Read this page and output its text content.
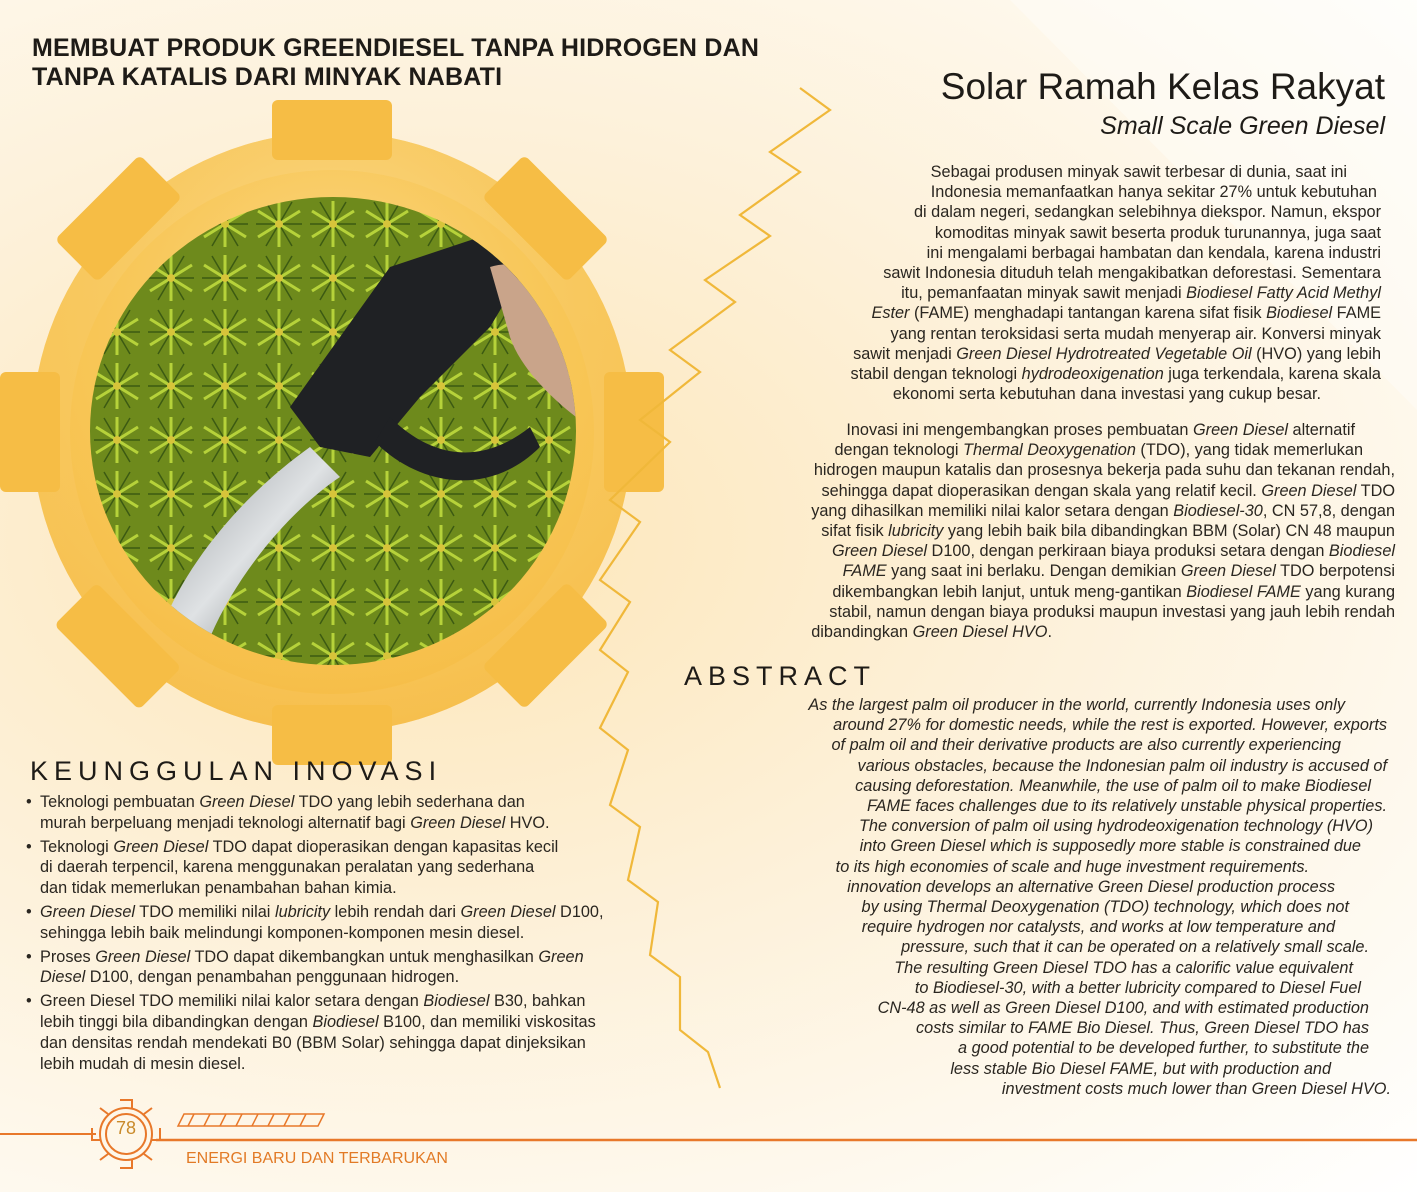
MEMBUAT PRODUK GREENDIESEL TANPA HIDROGEN DAN
TANPA KATALIS DARI MINYAK NABATI	Solar Ramah Kelas Rakyat
Small Scale Green Diesel

Sebagai produsen minyak sawit terbesar di dunia, saat ini

Indonesia memanfaatkan hanya sekitar 27% untuk kebutuhan

di dalam negeri, sedangkan selebihnya diekspor. Namun, ekspor

komoditas minyak sawit beserta produk turunannya, juga saat

ini mengalami berbagai hambatan dan kendala, karena industri

sawit Indonesia dituduh telah mengakibatkan deforestasi. Sementara

itu, pemanfaatan minyak sawit menjadi Biodiesel Fatty Acid Methyl

Ester (FAME) menghadapi tantangan karena sifat fisik Biodiesel FAME

yang rentan teroksidasi serta mudah menyerap air. Konversi minyak

sawit menjadi Green Diesel Hydrotreated Vegetable Oil (HVO) yang lebih

stabil dengan teknologi hydrodeoxigenation juga terkendala, karena skala

ekonomi serta kebutuhan dana investasi yang cukup besar.

Inovasi ini mengembangkan proses pembuatan Green Diesel alternatif

dengan teknologi Thermal Deoxygenation (TDO), yang tidak memerlukan

hidrogen maupun katalis dan prosesnya bekerja pada suhu dan tekanan rendah,

sehingga dapat dioperasikan dengan skala yang relatif kecil. Green Diesel TDO

yang dihasilkan memiliki nilai kalor setara dengan Biodiesel-30, CN 57,8, dengan

sifat fisik lubricity yang lebih baik bila dibandingkan BBM (Solar) CN 48 maupun

Green Diesel D100, dengan perkiraan biaya produksi setara dengan Biodiesel

FAME yang saat ini berlaku. Dengan demikian Green Diesel TDO berpotensi

dikembangkan lebih lanjut, untuk meng-gantikan Biodiesel FAME yang kurang

stabil, namun dengan biaya produksi maupun investasi yang jauh lebih rendah

dibandingkan Green Diesel HVO.

ABSTRACT

As the largest palm oil producer in the world, currently Indonesia uses only

around 27% for domestic needs, while the rest is exported. However, exports

of palm oil and their derivative products are also currently experiencing

various obstacles, because the Indonesian palm oil industry is accused of

causing deforestation. Meanwhile, the use of palm oil to make Biodiesel

FAME faces challenges due to its relatively unstable physical properties.

The conversion of palm oil using hydrodeoxigenation technology (HVO)

into Green Diesel which is supposedly more stable is constrained due

to its high economies of scale and huge investment requirements.

innovation develops an alternative Green Diesel production process

by using Thermal Deoxygenation (TDO) technology, which does not

require hydrogen nor catalysts, and works at low temperature and

pressure, such that it can be operated on a relatively small scale.

The resulting Green Diesel TDO has a calorific value equivalent

to Biodiesel-30, with a better lubricity compared to Diesel Fuel

CN-48 as well as Green Diesel D100, and with estimated production

costs similar to FAME Bio Diesel. Thus, Green Diesel TDO has

a good potential to be developed further, to substitute the

less stable Bio Diesel FAME, but with production and

investment costs much lower than Green Diesel HVO.

KEUNGGULAN INOVASI
• Teknologi pembuatan Green Diesel TDO yang lebih sederhana dan
murah berpeluang menjadi teknologi alternatif bagi Green Diesel HVO.
• Teknologi Green Diesel TDO dapat dioperasikan dengan kapasitas kecil
di daerah terpencil, karena menggunakan peralatan yang sederhana
dan tidak memerlukan penambahan bahan kimia.
• Green Diesel TDO memiliki nilai lubricity lebih rendah dari Green Diesel D100,
sehingga lebih baik melindungi komponen-komponen mesin diesel.
• Proses Green Diesel TDO dapat dikembangkan untuk menghasilkan Green
Diesel D100, dengan penambahan penggunaan hidrogen.
• Green Diesel TDO memiliki nilai kalor setara dengan Biodiesel B30, bahkan
lebih tinggi bila dibandingkan dengan Biodiesel B100, dan memiliki viskositas
dan densitas rendah mendekati B0 (BBM Solar) sehingga dapat dinjeksikan
lebih mudah di mesin diesel.
78
ENERGI BARU DAN TERBARUKAN
